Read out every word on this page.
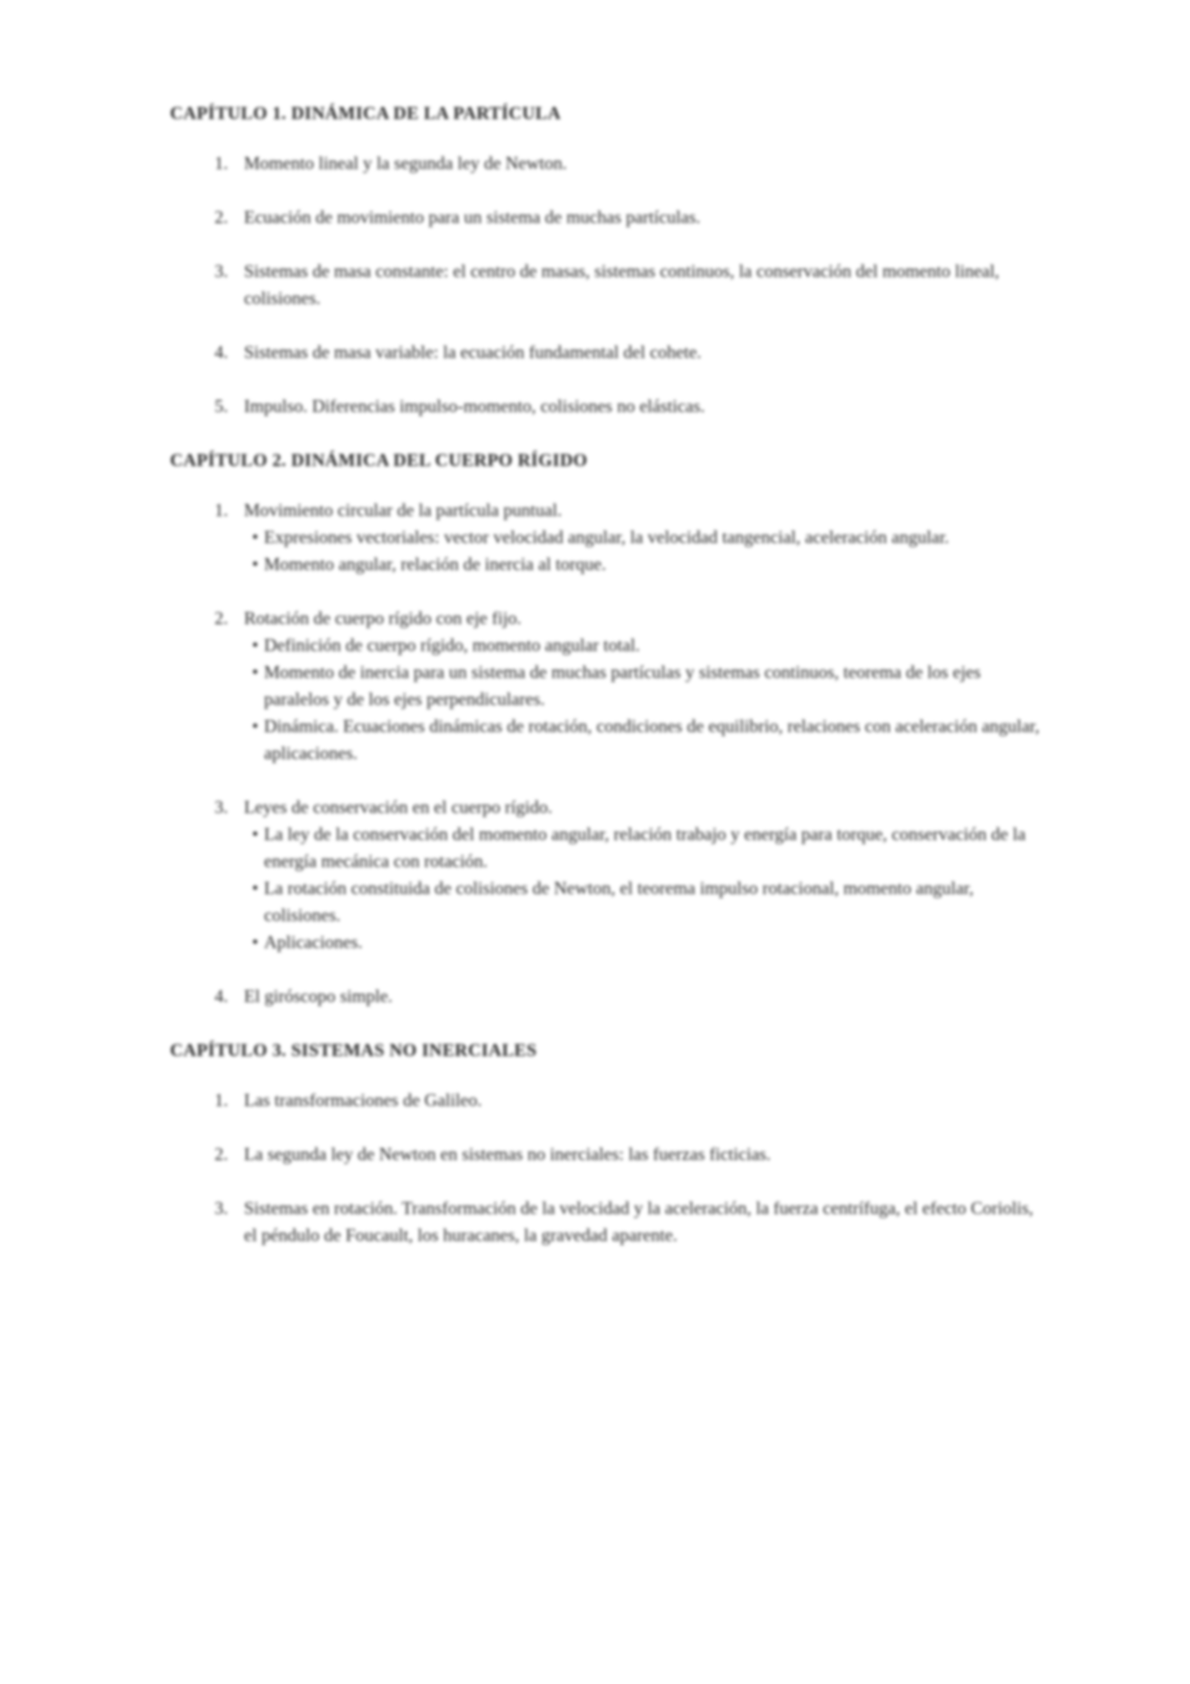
CAPÍTULO 1. DINÁMICA DE LA PARTÍCULA
1. Momento lineal y la segunda ley de Newton.
2. Ecuación de movimiento para un sistema de muchas partículas.
3. Sistemas de masa constante: el centro de masas, sistemas continuos, la conservación del momento lineal, colisiones.
4. Sistemas de masa variable: la ecuación fundamental del cohete.
5. Impulso. Diferencias impulso-momento, colisiones no elásticas.
CAPÍTULO 2. DINÁMICA DEL CUERPO RÍGIDO
1. Movimiento circular de la partícula puntual.
• Expresiones vectoriales: vector velocidad angular, la velocidad tangencial, aceleración angular.
• Momento angular, relación de inercia al torque.
2. Rotación de cuerpo rígido con eje fijo.
• Definición de cuerpo rígido, momento angular total.
• Momento de inercia para un sistema de muchas partículas y sistemas continuos, teorema de los ejes paralelos y de los ejes perpendiculares.
• Dinámica. Ecuaciones dinámicas de rotación, condiciones de equilibrio, relaciones con aceleración angular, aplicaciones.
3. Leyes de conservación en el cuerpo rígido.
• La ley de la conservación del momento angular, relación trabajo y energía para torque, conservación de la energía mecánica con rotación.
• La rotación constituida de colisiones de Newton, el teorema impulso rotacional, momento angular, colisiones.
• Aplicaciones.
4. El giróscopo simple.
CAPÍTULO 3. SISTEMAS NO INERCIALES
1. Las transformaciones de Galileo.
2. La segunda ley de Newton en sistemas no inerciales: las fuerzas ficticias.
3. Sistemas en rotación. Transformación de la velocidad y la aceleración, la fuerza centrífuga, el efecto Coriolis, el péndulo de Foucault, los huracanes, la gravedad aparente.
